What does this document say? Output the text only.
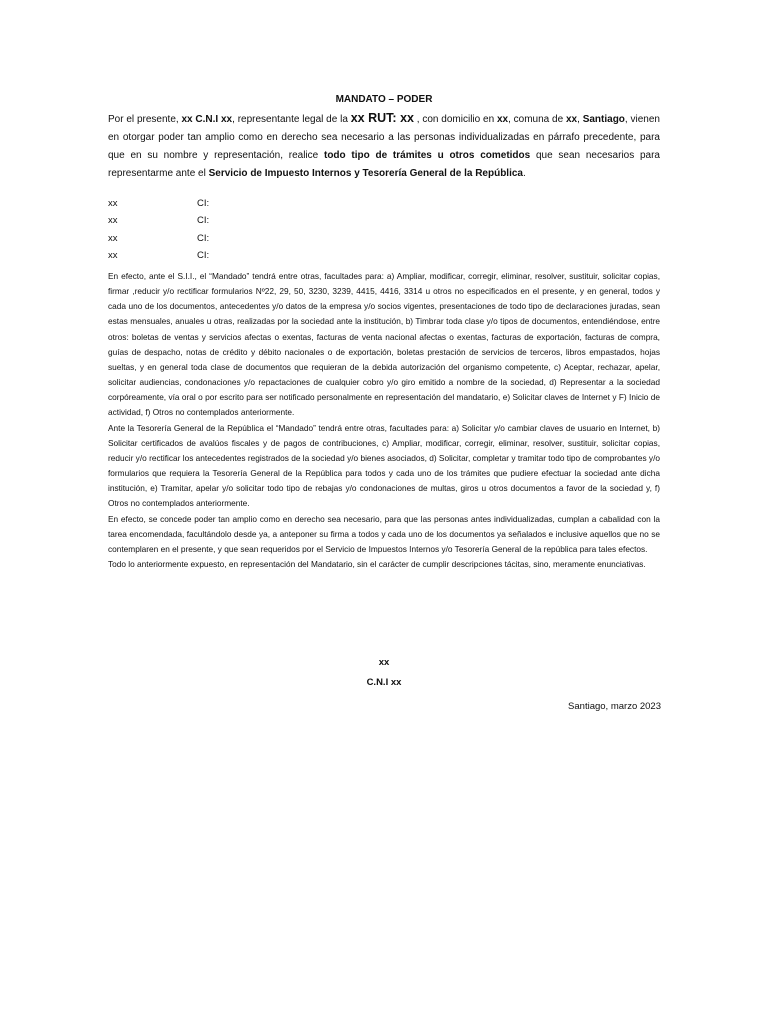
MANDATO – PODER
Por el presente, xx C.N.I xx, representante legal de la xx RUT: xx , con domicilio en xx, comuna de xx, Santiago, vienen en otorgar poder tan amplio como en derecho sea necesario a las personas individualizadas en párrafo precedente, para que en su nombre y representación, realice todo tipo de trámites u otros cometidos que sean necesarios para representarme ante el Servicio de Impuesto Internos y Tesorería General de la República.
xx	CI:
xx	CI:
xx	CI:
xx	CI:

En efecto, ante el S.I.I., el “Mandado” tendrá entre otras, facultades para: a) Ampliar, modificar, corregir, eliminar, resolver, sustituir, solicitar copias, firmar ,reducir y/o rectificar formularios Nº22, 29, 50, 3230, 3239, 4415, 4416, 3314 u otros no especificados en el presente, y en general, todos y cada uno de los documentos, antecedentes y/o datos de la empresa y/o socios vigentes, presentaciones de todo tipo de declaraciones juradas, sean estas mensuales, anuales u otras, realizadas por la sociedad ante la institución, b) Timbrar toda clase y/o tipos de documentos, entendiéndose, entre otros: boletas de ventas y servicios afectas o exentas, facturas de venta nacional afectas o exentas, facturas de exportación, facturas de compra, guías de despacho, notas de crédito y débito nacionales o de exportación, boletas prestación de servicios de terceros, libros empastados, hojas sueltas, y en general toda clase de documentos que requieran de la debida autorización del organismo competente, c) Aceptar, rechazar, apelar, solicitar audiencias, condonaciones y/o repactaciones de cualquier cobro y/o giro emitido a nombre de la sociedad, d) Representar a la sociedad corpóreamente, vía oral o por escrito para ser notificado personalmente en representación del mandatario, e) Solicitar claves de Internet y F) Inicio de actividad, f) Otros no contemplados anteriormente.

Ante la Tesorería General de la República el “Mandado” tendrá entre otras, facultades para: a) Solicitar y/o cambiar claves de usuario en Internet, b) Solicitar certificados de avalúos fiscales y de pagos de contribuciones, c) Ampliar, modificar, corregir, eliminar, resolver, sustituir, solicitar copias, reducir y/o rectificar los antecedentes registrados de la sociedad y/o bienes asociados, d) Solicitar, completar y tramitar todo tipo de comprobantes y/o formularios que requiera la Tesorería General de la República para todos y cada uno de los trámites que pudiere efectuar la sociedad ante dicha institución, e) Tramitar, apelar y/o solicitar todo tipo de rebajas y/o condonaciones de multas, giros u otros documentos a favor de la sociedad y, f) Otros no contemplados anteriormente.

En efecto, se concede poder tan amplio como en derecho sea necesario, para que las personas antes individualizadas, cumplan a cabalidad con la tarea encomendada, facultándolo desde ya, a anteponer su firma a todos y cada uno de los documentos ya señalados e inclusive aquellos que no se contemplaren en el presente, y que sean requeridos por el Servicio de Impuestos Internos y/o Tesorería General de la república para tales efectos.

Todo lo anteriormente expuesto, en representación del Mandatario, sin el carácter de cumplir descripciones tácitas, sino, meramente enunciativas.

xx
C.N.I xx
Santiago, marzo 2023
